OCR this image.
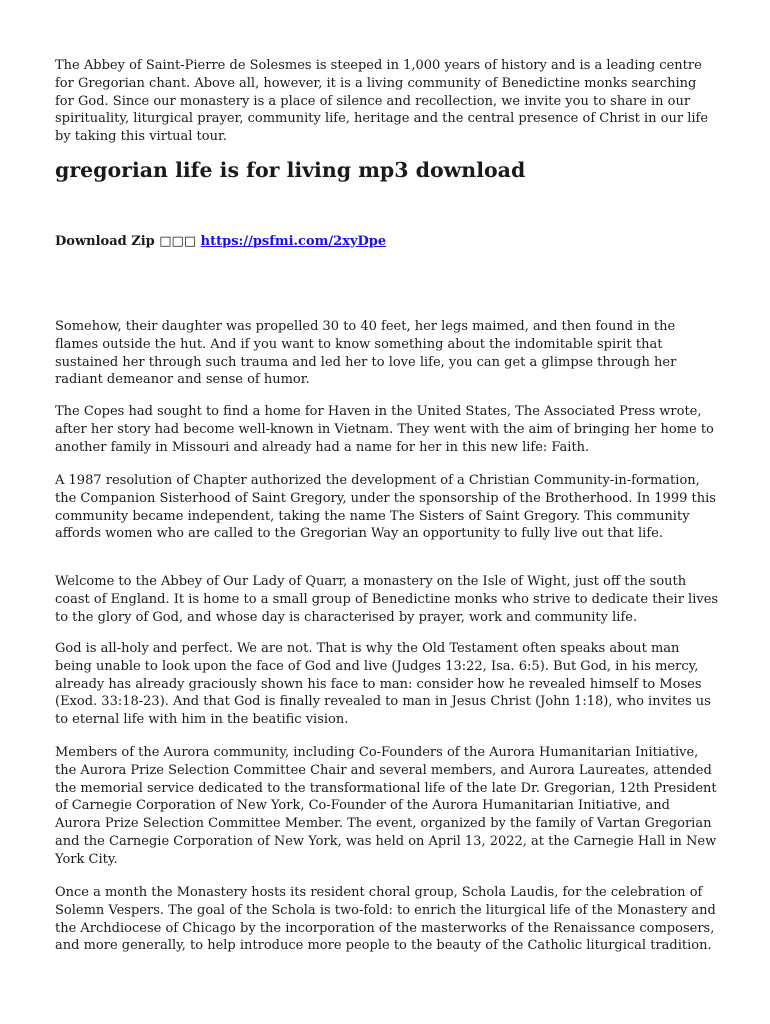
The Abbey of Saint-Pierre de Solesmes is steeped in 1,000 years of history and is a leading centre for Gregorian chant. Above all, however, it is a living community of Benedictine monks searching for God. Since our monastery is a place of silence and recollection, we invite you to share in our spirituality, liturgical prayer, community life, heritage and the central presence of Christ in our life by taking this virtual tour.

gregorian life is for living mp3 download
Download Zip □□□ https://psfmi.com/2xyDpe

Somehow, their daughter was propelled 30 to 40 feet, her legs maimed, and then found in the flames outside the hut. And if you want to know something about the indomitable spirit that sustained her through such trauma and led her to love life, you can get a glimpse through her radiant demeanor and sense of humor.

The Copes had sought to find a home for Haven in the United States, The Associated Press wrote, after her story had become well-known in Vietnam. They went with the aim of bringing her home to another family in Missouri and already had a name for her in this new life: Faith.

A 1987 resolution of Chapter authorized the development of a Christian Community-in-formation, the Companion Sisterhood of Saint Gregory, under the sponsorship of the Brotherhood. In 1999 this community became independent, taking the name The Sisters of Saint Gregory. This community affords women who are called to the Gregorian Way an opportunity to fully live out that life.

Welcome to the Abbey of Our Lady of Quarr, a monastery on the Isle of Wight, just off the south coast of England. It is home to a small group of Benedictine monks who strive to dedicate their lives to the glory of God, and whose day is characterised by prayer, work and community life.

God is all-holy and perfect. We are not. That is why the Old Testament often speaks about man being unable to look upon the face of God and live (Judges 13:22, Isa. 6:5). But God, in his mercy, already has already graciously shown his face to man: consider how he revealed himself to Moses (Exod. 33:18-23). And that God is finally revealed to man in Jesus Christ (John 1:18), who invites us to eternal life with him in the beatific vision.

Members of the Aurora community, including Co-Founders of the Aurora Humanitarian Initiative, the Aurora Prize Selection Committee Chair and several members, and Aurora Laureates, attended the memorial service dedicated to the transformational life of the late Dr. Gregorian, 12th President of Carnegie Corporation of New York, Co-Founder of the Aurora Humanitarian Initiative, and Aurora Prize Selection Committee Member. The event, organized by the family of Vartan Gregorian and the Carnegie Corporation of New York, was held on April 13, 2022, at the Carnegie Hall in New York City.

Once a month the Monastery hosts its resident choral group, Schola Laudis, for the celebration of Solemn Vespers. The goal of the Schola is two-fold: to enrich the liturgical life of the Monastery and the Archdiocese of Chicago by the incorporation of the masterworks of the Renaissance composers, and more generally, to help introduce more people to the beauty of the Catholic liturgical tradition.
